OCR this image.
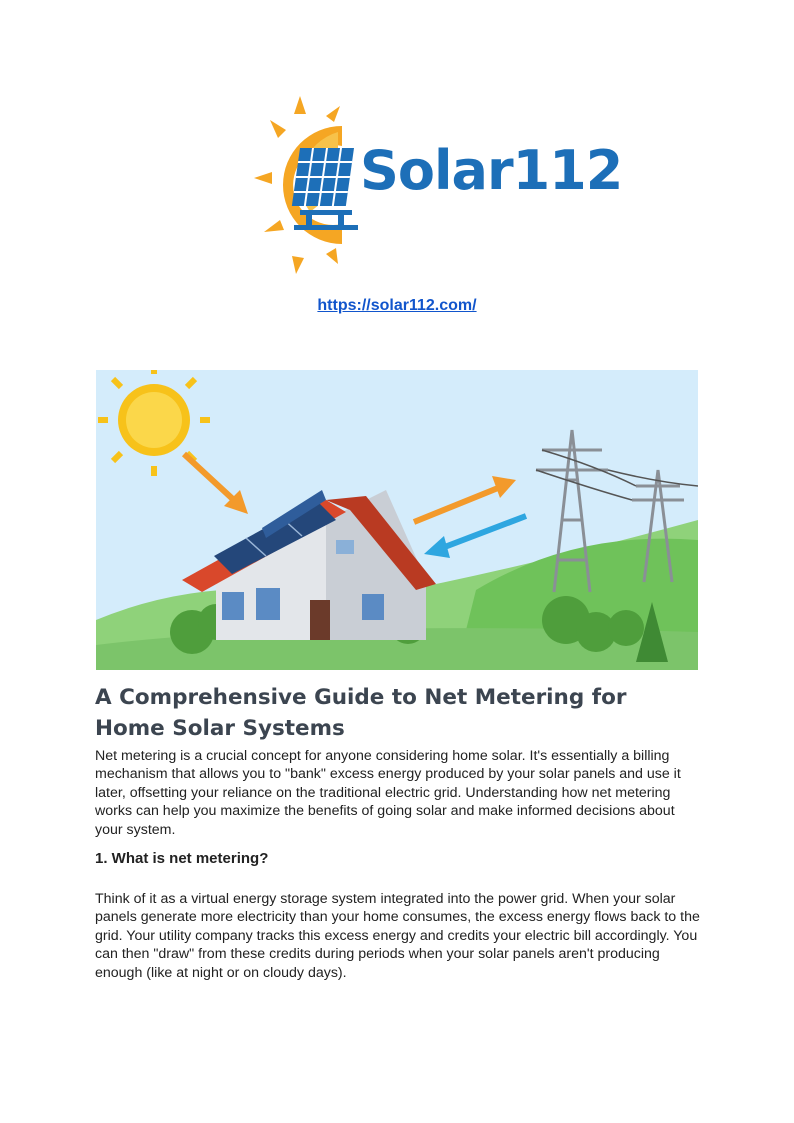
Solar112
https://solar112.com/
A Comprehensive Guide to Net Metering for Home Solar Systems

Net metering is a crucial concept for anyone considering home solar. It's essentially a billing mechanism that allows you to "bank" excess energy produced by your solar panels and use it later, offsetting your reliance on the traditional electric grid. Understanding how net metering works can help you maximize the benefits of going solar and make informed decisions about your system.

1. What is net metering?

Think of it as a virtual energy storage system integrated into the power grid. When your solar panels generate more electricity than your home consumes, the excess energy flows back to the grid. Your utility company tracks this excess energy and credits your electric bill accordingly. You can then "draw" from these credits during periods when your solar panels aren't producing enough (like at night or on cloudy days).
